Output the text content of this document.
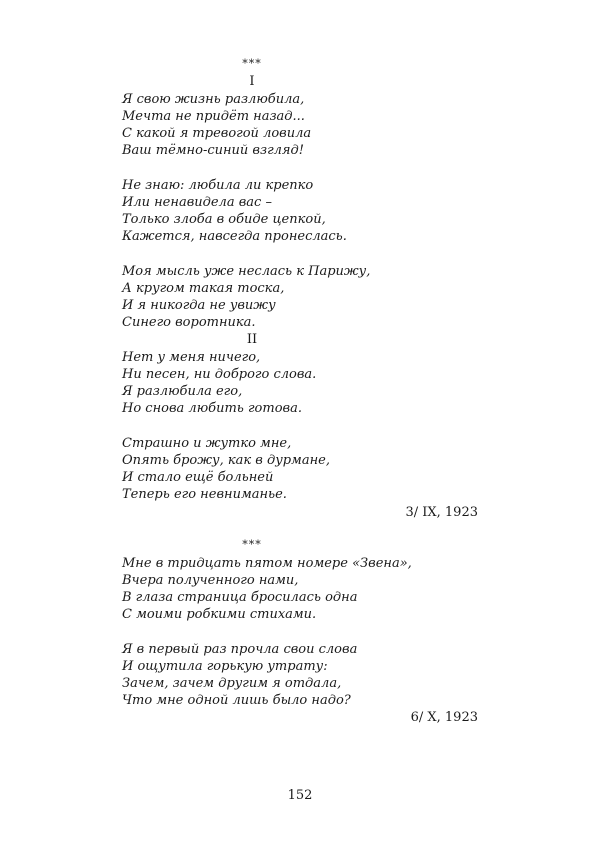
***
I
Я свою жизнь разлюбила,
Мечта не придёт назад...
С какой я тревогой ловила
Ваш тёмно-синий взгляд!
Не знаю: любила ли крепко
Или ненавидела вас –
Только злоба в обиде цепкой,
Кажется, навсегда пронеслась.
Моя мысль уже неслась к Парижу,
А кругом такая тоска,
И я никогда не увижу
Синего воротника.
II
Нет у меня ничего,
Ни песен, ни доброго слова.
Я разлюбила его,
Но снова любить готова.
Страшно и жутко мне,
Опять брожу, как в дурмане,
И стало ещё больней
Теперь его невниманье.
3/ IX, 1923
***
Мне в тридцать пятом номере «Звена»,
Вчера полученного нами,
В глаза страница бросилась одна
С моими робкими стихами.
Я в первый раз прочла свои слова
И ощутила горькую утрату:
Зачем, зачем другим я отдала,
Что мне одной лишь было надо?
6/ X, 1923
152
